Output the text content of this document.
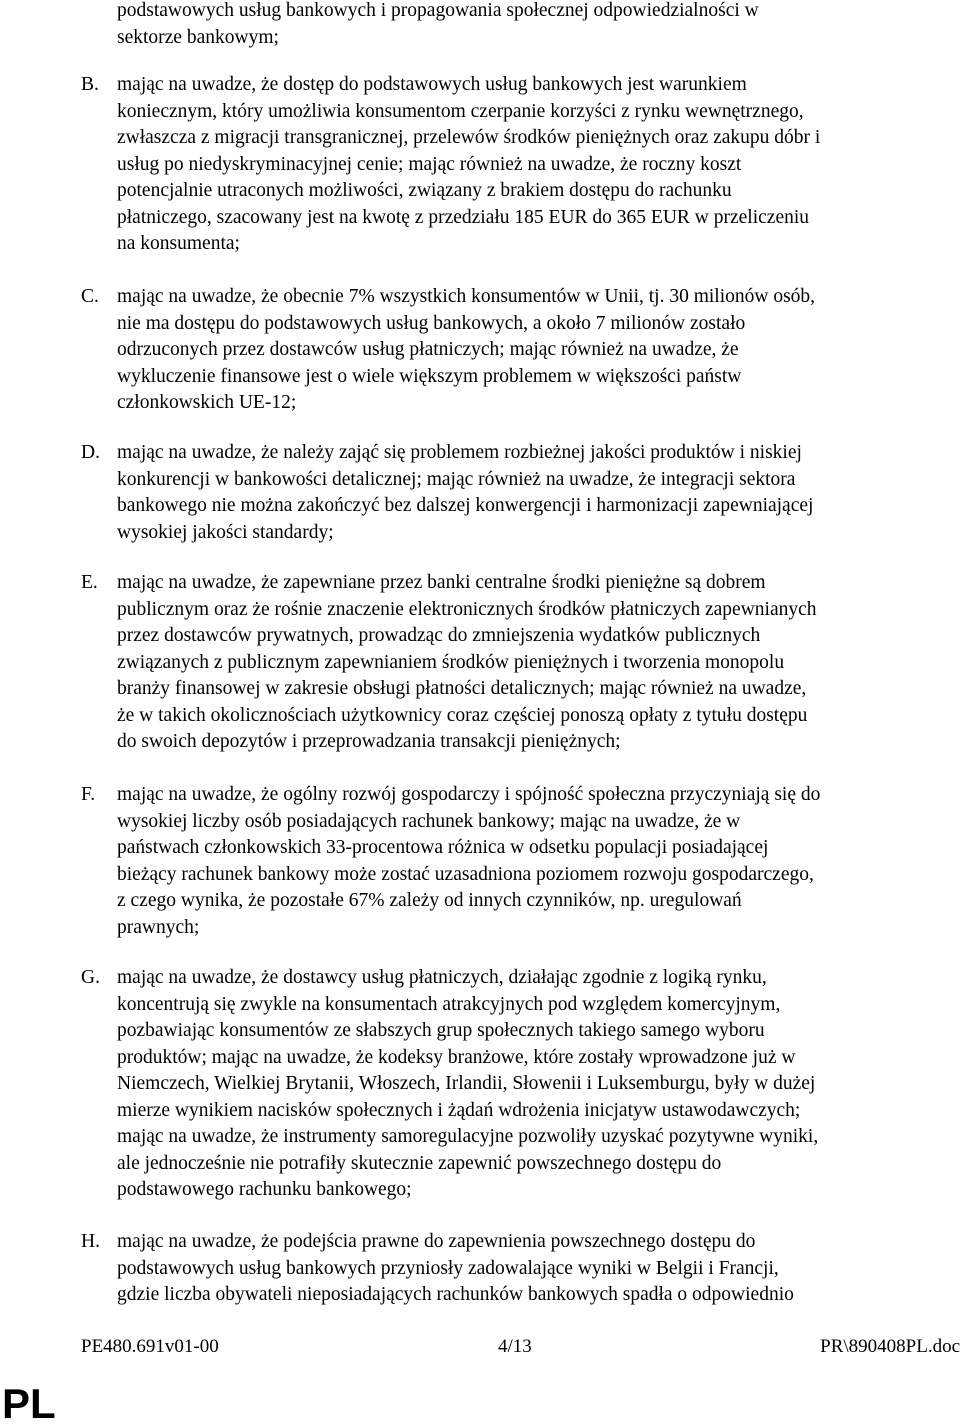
podstawowych usług bankowych i propagowania społecznej odpowiedzialności w
sektorze bankowym;
B. mając na uwadze, że dostęp do podstawowych usług bankowych jest warunkiem
koniecznym, który umożliwia konsumentom czerpanie korzyści z rynku wewnętrznego,
zwłaszcza z migracji transgranicznej, przelewów środków pieniężnych oraz zakupu dóbr i
usług po niedyskryminacyjnej cenie; mając również na uwadze, że roczny koszt
potencjalnie utraconych możliwości, związany z brakiem dostępu do rachunku
płatniczego, szacowany jest na kwotę z przedziału 185 EUR do 365 EUR w przeliczeniu
na konsumenta;
C. mając na uwadze, że obecnie 7% wszystkich konsumentów w Unii, tj. 30 milionów osób,
nie ma dostępu do podstawowych usług bankowych, a około 7 milionów zostało
odrzuconych przez dostawców usług płatniczych; mając również na uwadze, że
wykluczenie finansowe jest o wiele większym problemem w większości państw
członkowskich UE-12;
D. mając na uwadze, że należy zająć się problemem rozbieżnej jakości produktów i niskiej
konkurencji w bankowości detalicznej; mając również na uwadze, że integracji sektora
bankowego nie można zakończyć bez dalszej konwergencji i harmonizacji zapewniającej
wysokiej jakości standardy;
E. mając na uwadze, że zapewniane przez banki centralne środki pieniężne są dobrem
publicznym oraz że rośnie znaczenie elektronicznych środków płatniczych zapewnianych
przez dostawców prywatnych, prowadząc do zmniejszenia wydatków publicznych
związanych z publicznym zapewnianiem środków pieniężnych i tworzenia monopolu
branży finansowej w zakresie obsługi płatności detalicznych; mając również na uwadze,
że w takich okolicznościach użytkownicy coraz częściej ponoszą opłaty z tytułu dostępu
do swoich depozytów i przeprowadzania transakcji pieniężnych;
F. mając na uwadze, że ogólny rozwój gospodarczy i spójność społeczna przyczyniają się do
wysokiej liczby osób posiadających rachunek bankowy; mając na uwadze, że w
państwach członkowskich 33-procentowa różnica w odsetku populacji posiadającej
bieżący rachunek bankowy może zostać uzasadniona poziomem rozwoju gospodarczego,
z czego wynika, że pozostałe 67% zależy od innych czynników, np. uregulowań
prawnych;
G. mając na uwadze, że dostawcy usług płatniczych, działając zgodnie z logiką rynku,
koncentrują się zwykle na konsumentach atrakcyjnych pod względem komercyjnym,
pozbawiając konsumentów ze słabszych grup społecznych takiego samego wyboru
produktów; mając na uwadze, że kodeksy branżowe, które zostały wprowadzone już w
Niemczech, Wielkiej Brytanii, Włoszech, Irlandii, Słowenii i Luksemburgu, były w dużej
mierze wynikiem nacisków społecznych i żądań wdrożenia inicjatyw ustawodawczych;
mając na uwadze, że instrumenty samoregulacyjne pozwoliły uzyskać pozytywne wyniki,
ale jednocześnie nie potrafiły skutecznie zapewnić powszechnego dostępu do
podstawowego rachunku bankowego;
H. mając na uwadze, że podejścia prawne do zapewnienia powszechnego dostępu do
podstawowych usług bankowych przyniosły zadowalające wyniki w Belgii i Francji,
gdzie liczba obywateli nieposiadających rachunków bankowych spadła o odpowiednio
PE480.691v01-00	4/13	PR\890408PL.doc
PL
